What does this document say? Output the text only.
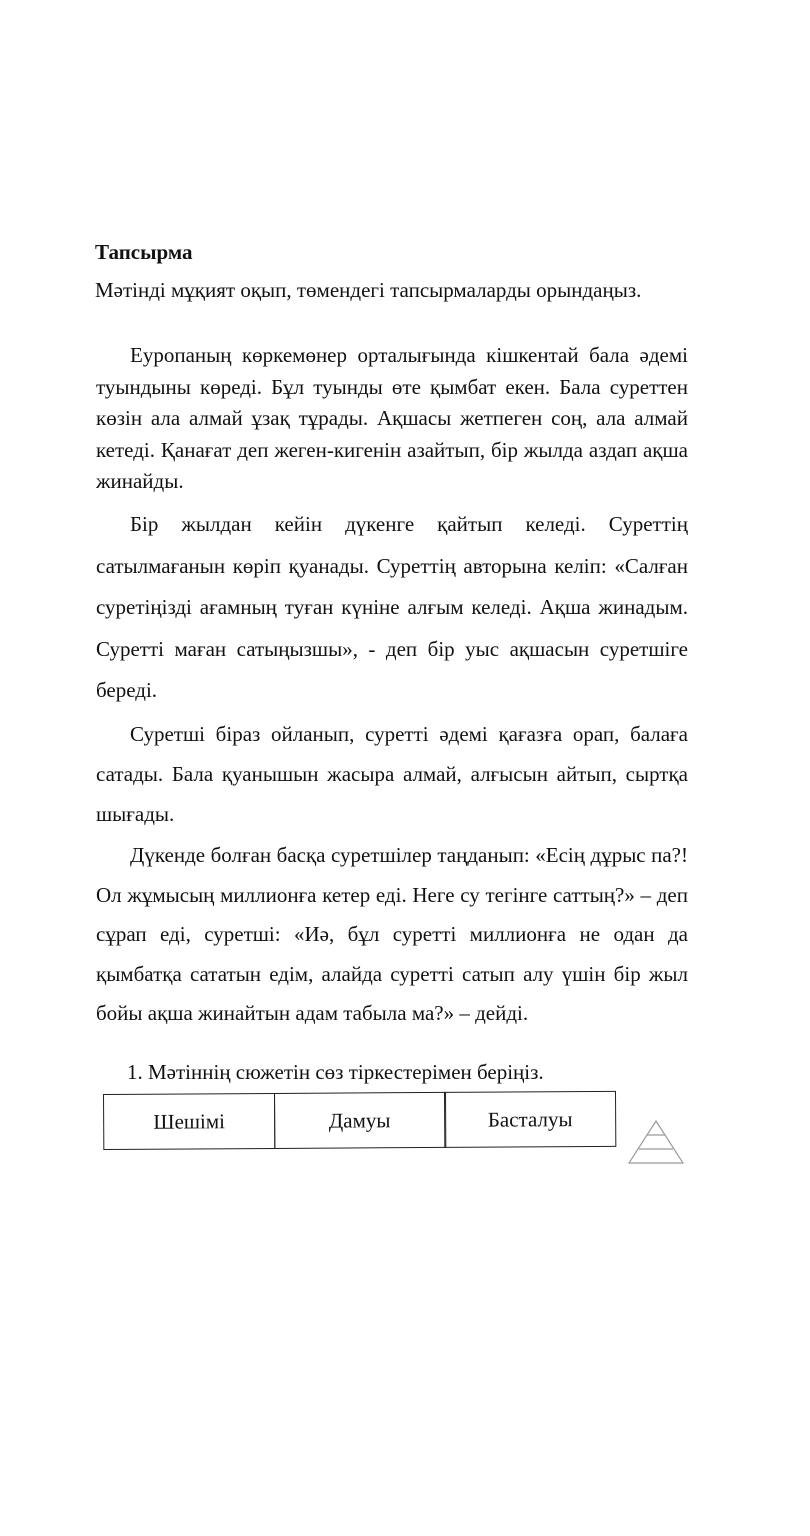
Тапсырма
Мәтінді мұқият оқып, төмендегі тапсырмаларды орындаңыз.

Еуропаның көркемөнер орталығында кішкентай бала әдемі туындыны көреді. Бұл туынды өте қымбат екен. Бала суреттен көзін ала алмай ұзақ тұрады. Ақшасы жетпеген соң, ала алмай кетеді. Қанағат деп жеген-кигенін азайтып, бір жылда аздап ақша жинайды.

Бір жылдан кейін дүкенге қайтып келеді. Суреттің сатылмағанын көріп қуанады. Суреттің авторына келіп: «Салған суретіңізді ағамның туған күніне алғым келеді. Ақша жинадым. Суретті маған сатыңызшы», - деп бір уыс ақшасын суретшіге береді.

Суретші біраз ойланып, суретті әдемі қағазға орап, балаға сатады. Бала қуанышын жасыра алмай, алғысын айтып, сыртқа шығады.

Дүкенде болған басқа суретшілер таңданып: «Есің дұрыс па?! Ол жұмысың миллионға кетер еді. Неге су тегінге саттың?» – деп сұрап еді, суретші: «Иә, бұл суретті миллионға не одан да қымбатқа сататын едім, алайда суретті сатып алу үшін бір жыл бойы ақша жинайтын адам табыла ма?» – дейді.

1. Мәтіннің сюжетін сөз тіркестерімен беріңіз.
Шешімі	Дамуы	Басталуы
